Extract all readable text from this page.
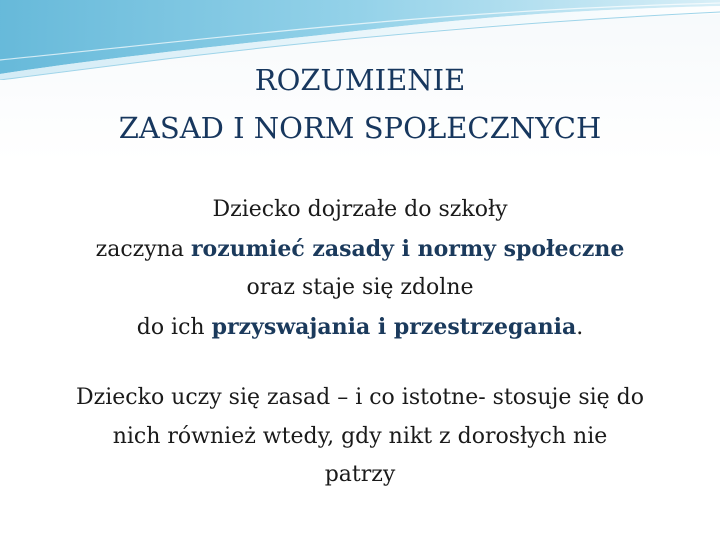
ROZUMIENIE
ZASAD I NORM SPOŁECZNYCH
Dziecko dojrzałe do szkoły
zaczyna rozumieć zasady i normy społeczne
oraz staje się zdolne
do ich przyswajania i przestrzegania.
Dziecko uczy się zasad – i co istotne- stosuje się do
nich również wtedy, gdy nikt z dorosłych nie
patrzy
